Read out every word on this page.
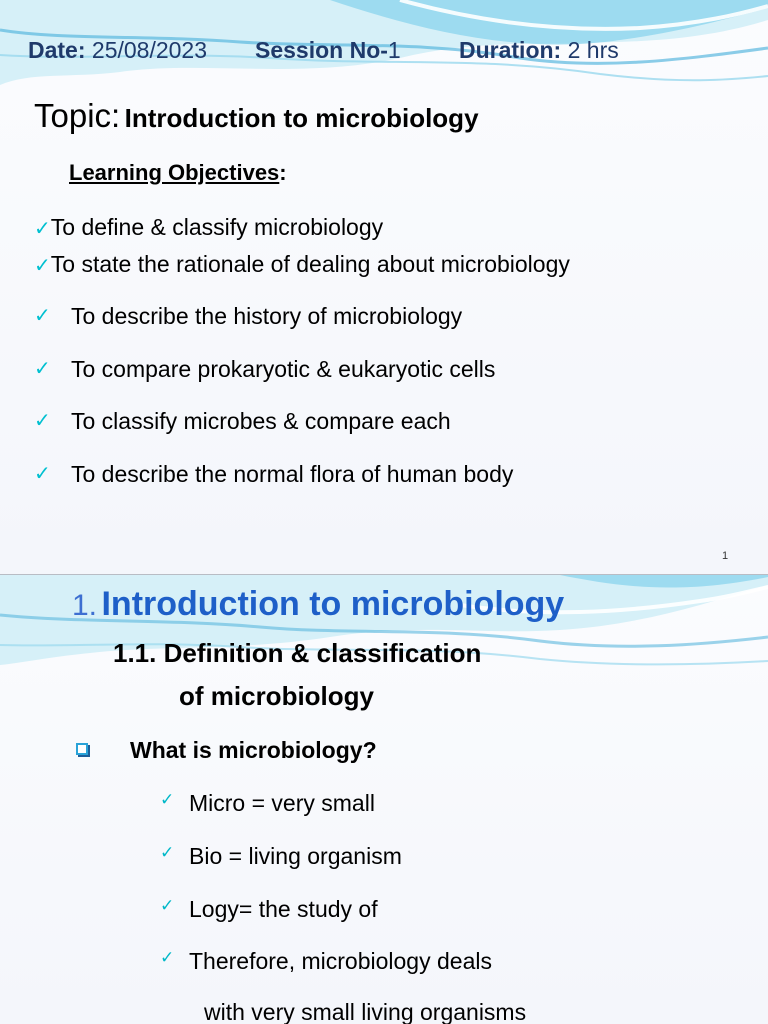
Date: 25/08/2023 Session No-1	Duration: 2 hrs
Topic: Introduction to microbiology
Learning Objectives:
✓To define & classify microbiology
✓To state the rationale of dealing about microbiology
✓ To describe the history of microbiology
✓ To compare prokaryotic & eukaryotic cells
✓ To classify microbes & compare each
✓ To describe the normal flora of human body
1
1. Introduction to microbiology
1.1. Definition & classification
of microbiology
What is microbiology?
✓ Micro = very small
✓ Bio = living organism
✓ Logy= the study of
✓ Therefore, microbiology deals
with very small living organisms
